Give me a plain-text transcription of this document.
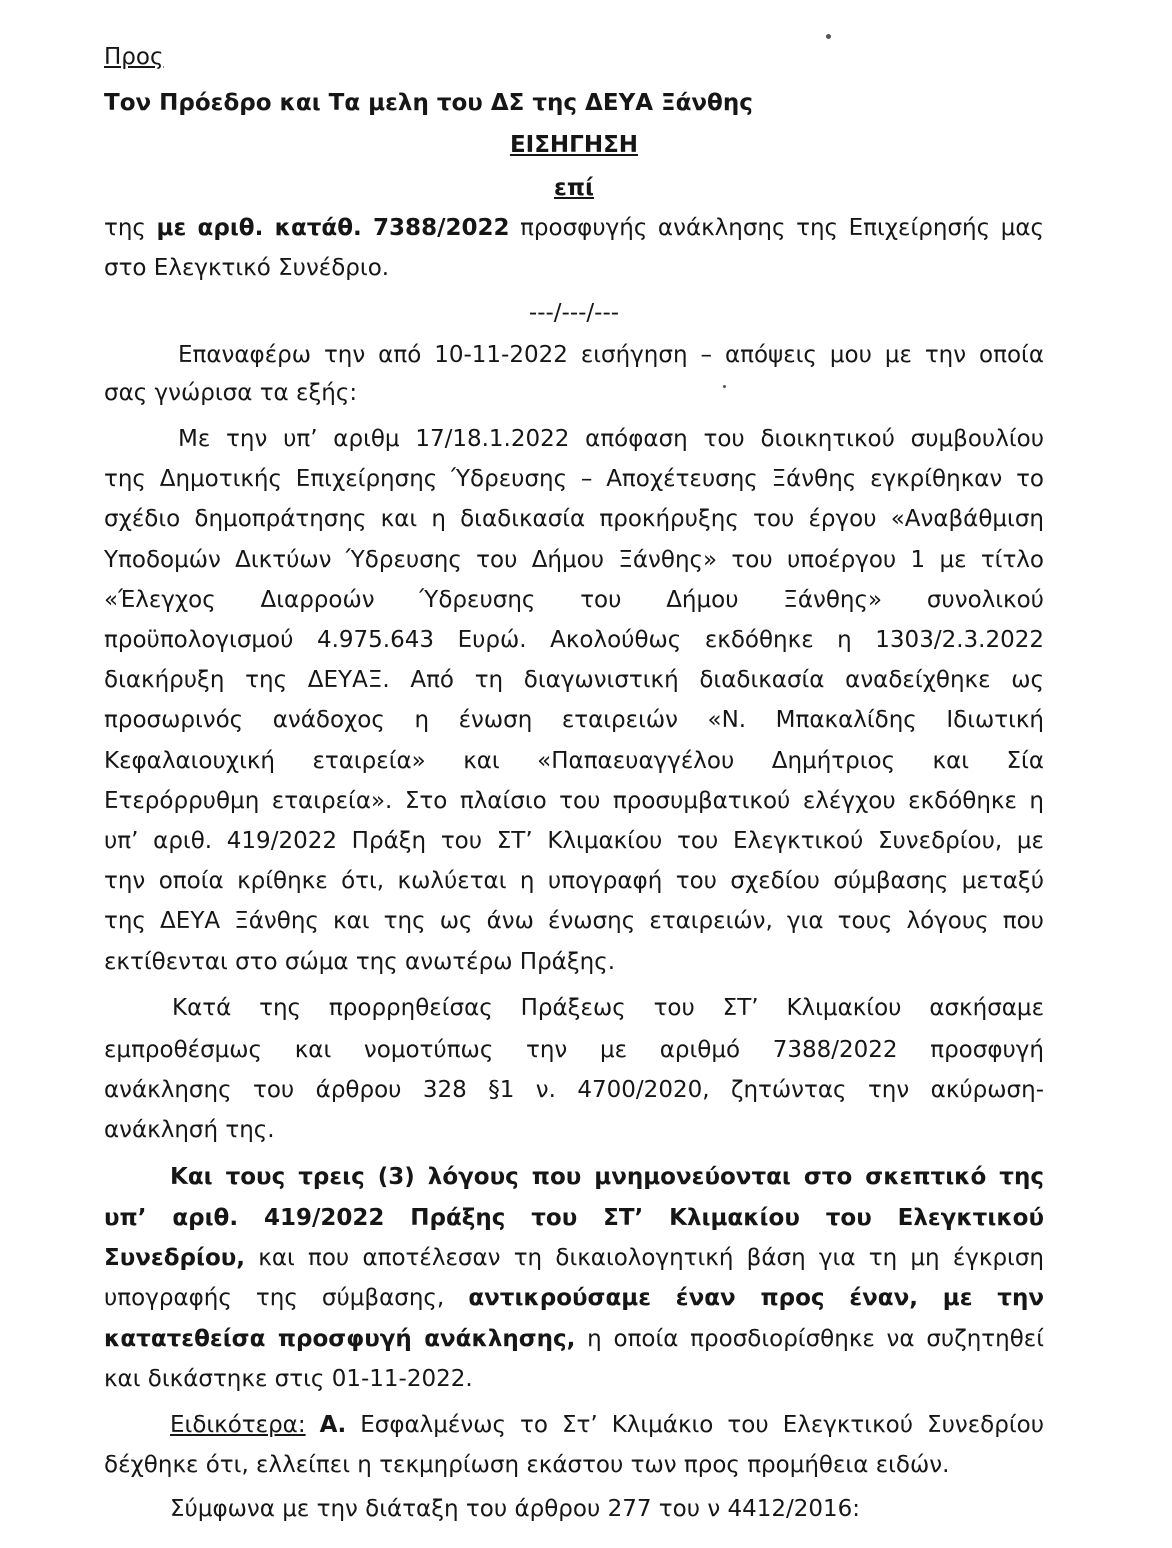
Προς
Τον Πρόεδρο και Τα μελη του ΔΣ της ΔΕΥΑ Ξάνθης
ΕΙΣΗΓΗΣΗ
επί
της με αριθ. κατάθ. 7388/2022 προσφυγής ανάκλησης της Επιχείρησής μας
στο Ελεγκτικό Συνέδριο.
---/---/---
Επαναφέρω την από 10-11-2022 εισήγηση – απόψεις μου με την οποία
σας γνώρισα τα εξής:
Με την υπ’ αριθμ 17/18.1.2022 απόφαση του διοικητικού συμβουλίου
της Δημοτικής Επιχείρησης Ύδρευσης – Αποχέτευσης Ξάνθης εγκρίθηκαν το
σχέδιο δημοπράτησης και η διαδικασία προκήρυξης του έργου «Αναβάθμιση
Υποδομών Δικτύων Ύδρευσης του Δήμου Ξάνθης» του υποέργου 1 με τίτλο
«Έλεγχος Διαρροών Ύδρευσης του Δήμου Ξάνθης» συνολικού
προϋπολογισμού 4.975.643 Ευρώ. Ακολούθως εκδόθηκε η 1303/2.3.2022
διακήρυξη της ΔΕΥΑΞ. Από τη διαγωνιστική διαδικασία αναδείχθηκε ως
προσωρινός ανάδοχος η ένωση εταιρειών «Ν. Μπακαλίδης Ιδιωτική
Κεφαλαιουχική εταιρεία» και «Παπαευαγγέλου Δημήτριος και Σία
Ετερόρρυθμη εταιρεία». Στο πλαίσιο του προσυμβατικού ελέγχου εκδόθηκε η
υπ’ αριθ. 419/2022 Πράξη του ΣΤ’ Κλιμακίου του Ελεγκτικού Συνεδρίου, με
την οποία κρίθηκε ότι, κωλύεται η υπογραφή του σχεδίου σύμβασης μεταξύ
της ΔΕΥΑ Ξάνθης και της ως άνω ένωσης εταιρειών, για τους λόγους που
εκτίθενται στο σώμα της ανωτέρω Πράξης.
Κατά της προρρηθείσας Πράξεως του ΣΤ’ Κλιμακίου ασκήσαμε
εμπροθέσμως και νομοτύπως την με αριθμό 7388/2022 προσφυγή
ανάκλησης του άρθρου 328 §1 ν. 4700/2020, ζητώντας την ακύρωση-
ανάκλησή της.
Και τους τρεις (3) λόγους που μνημονεύονται στο σκεπτικό της
υπ’ αριθ. 419/2022 Πράξης του ΣΤ’ Κλιμακίου του Ελεγκτικού
Συνεδρίου, και που αποτέλεσαν τη δικαιολογητική βάση για τη μη έγκριση
υπογραφής της σύμβασης, αντικρούσαμε έναν προς έναν, με την
κατατεθείσα προσφυγή ανάκλησης, η οποία προσδιορίσθηκε να συζητηθεί
και δικάστηκε στις 01-11-2022.
Ειδικότερα: Α. Εσφαλμένως το Στ’ Κλιμάκιο του Ελεγκτικού Συνεδρίου
δέχθηκε ότι, ελλείπει η τεκμηρίωση εκάστου των προς προμήθεια ειδών.
Σύμφωνα με την διάταξη του άρθρου 277 του ν 4412/2016:
